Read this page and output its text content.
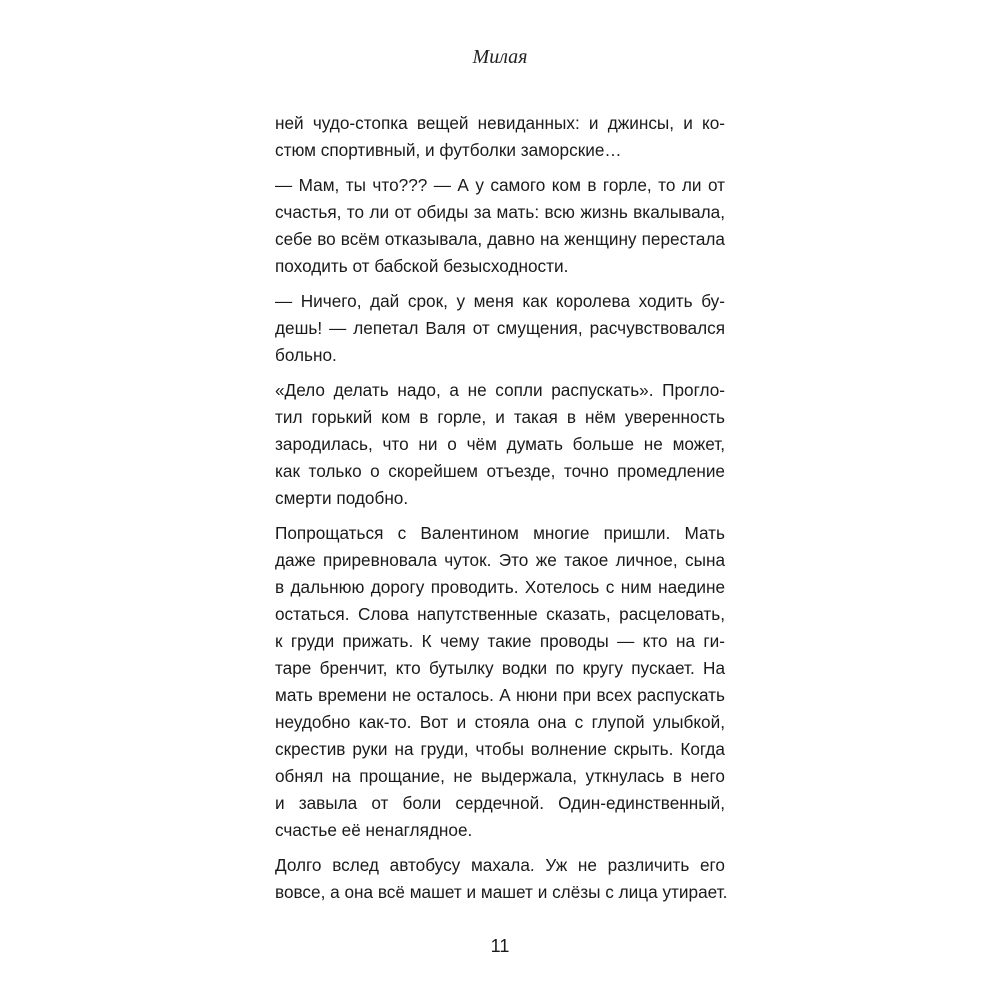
Милая
ней чудо-стопка вещей невиданных: и джинсы, и ко-
стюм спортивный, и футболки заморские…
— Мам, ты что??? — А у самого ком в горле, то ли от
счастья, то ли от обиды за мать: всю жизнь вкалывала,
себе во всём отказывала, давно на женщину перестала
походить от бабской безысходности.
— Ничего, дай срок, у меня как королева ходить бу-
дешь! — лепетал Валя от смущения, расчувствовался
больно.
«Дело делать надо, а не сопли распускать». Прогло-
тил горький ком в горле, и такая в нём уверенность
зародилась, что ни о чём думать больше не может,
как только о скорейшем отъезде, точно промедление
смерти подобно.
Попрощаться с Валентином многие пришли. Мать
даже приревновала чуток. Это же такое личное, сына
в дальнюю дорогу проводить. Хотелось с ним наедине
остаться. Слова напутственные сказать, расцеловать,
к груди прижать. К чему такие проводы — кто на ги-
таре бренчит, кто бутылку водки по кругу пускает. На
мать времени не осталось. А нюни при всех распускать
неудобно как-то. Вот и стояла она с глупой улыбкой,
скрестив руки на груди, чтобы волнение скрыть. Когда
обнял на прощание, не выдержала, уткнулась в него
и завыла от боли сердечной. Один-единственный,
счастье её ненаглядное.
Долго вслед автобусу махала. Уж не различить его
вовсе, а она всё машет и машет и слёзы с лица утирает.
11
